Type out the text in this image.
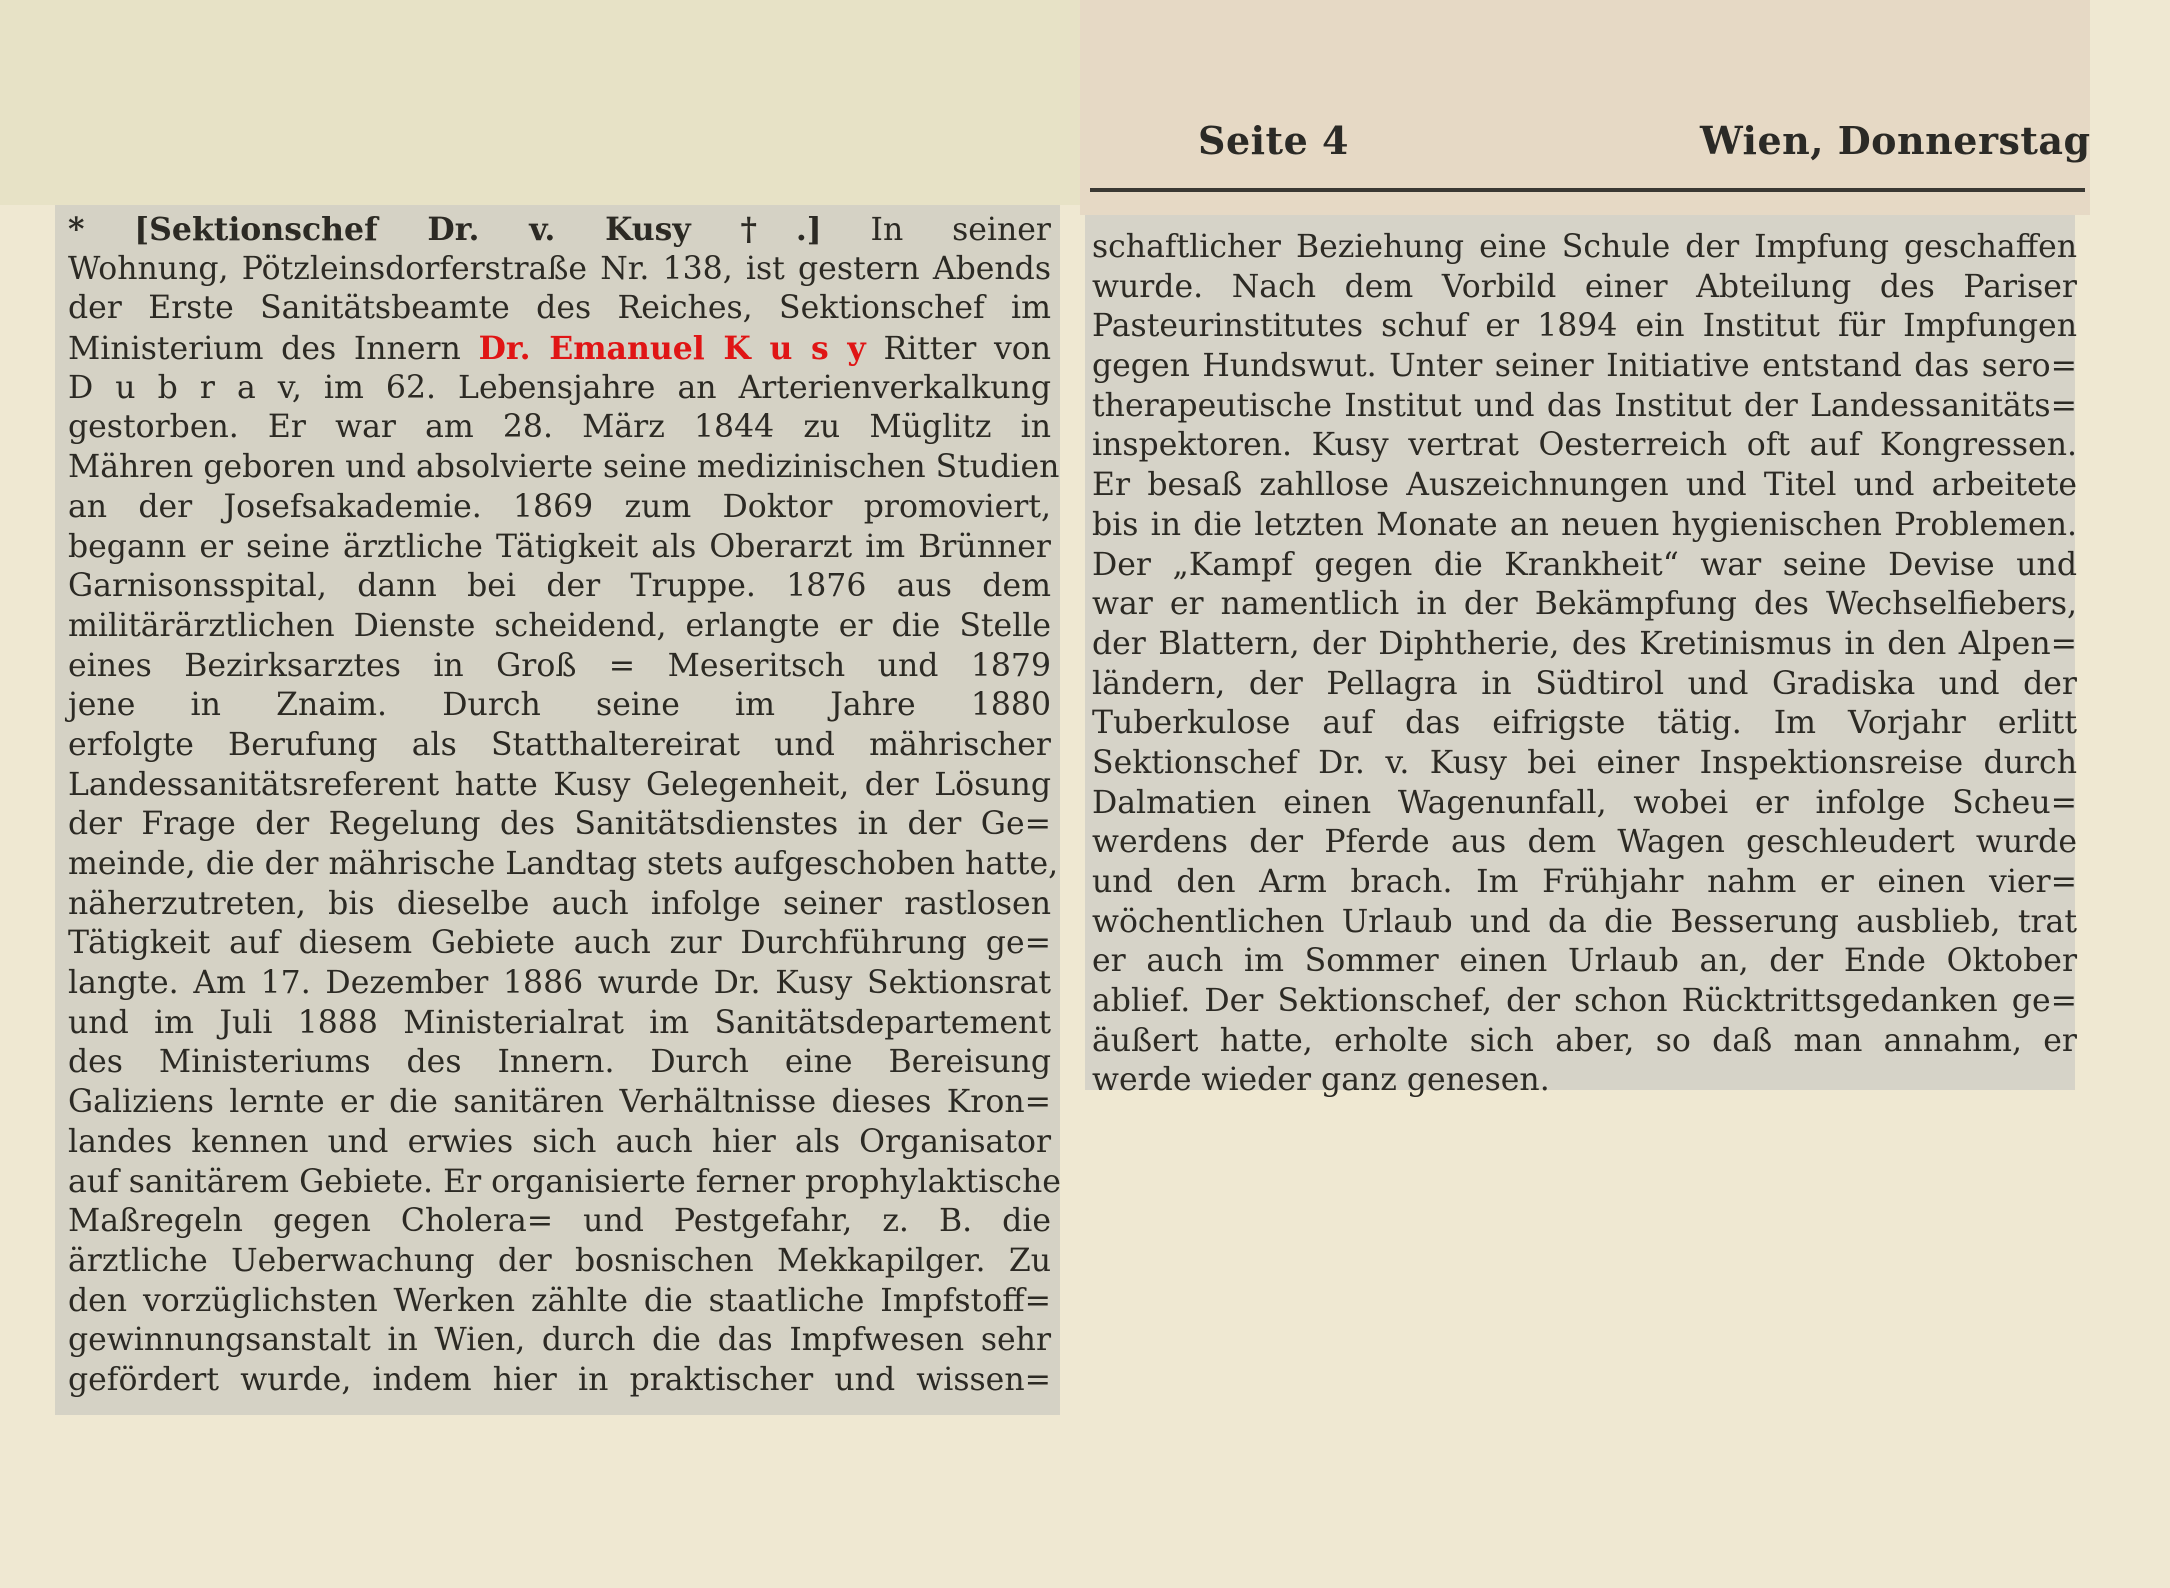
Seite 4	Wien, Donnerstag
* [Sektionschef Dr. v. Kusy †.] In seiner
Wohnung, Pötzleinsdorferstraße Nr. 138, ist gestern Abends
der Erste Sanitätsbeamte des Reiches, Sektionschef im
Ministerium des Innern Dr. Emanuel K u s y Ritter von
D u b r a v, im 62. Lebensjahre an Arterienverkalkung
gestorben. Er war am 28. März 1844 zu Müglitz in
Mähren geboren und absolvierte seine medizinischen Studien
an der Josefsakademie. 1869 zum Doktor promoviert,
begann er seine ärztliche Tätigkeit als Oberarzt im Brünner
Garnisonsspital, dann bei der Truppe. 1876 aus dem
militärärztlichen Dienste scheidend, erlangte er die Stelle
eines Bezirksarztes in Groß = Meseritsch und 1879
jene in Znaim. Durch seine im Jahre 1880
erfolgte Berufung als Statthaltereirat und mährischer
Landessanitätsreferent hatte Kusy Gelegenheit, der Lösung
der Frage der Regelung des Sanitätsdienstes in der Ge=
meinde, die der mährische Landtag stets aufgeschoben hatte,
näherzutreten, bis dieselbe auch infolge seiner rastlosen
Tätigkeit auf diesem Gebiete auch zur Durchführung ge=
langte. Am 17. Dezember 1886 wurde Dr. Kusy Sektionsrat
und im Juli 1888 Ministerialrat im Sanitätsdepartement
des Ministeriums des Innern. Durch eine Bereisung
Galiziens lernte er die sanitären Verhältnisse dieses Kron=
landes kennen und erwies sich auch hier als Organisator
auf sanitärem Gebiete. Er organisierte ferner prophylaktische
Maßregeln gegen Cholera= und Pestgefahr, z. B. die
ärztliche Ueberwachung der bosnischen Mekkapilger. Zu
den vorzüglichsten Werken zählte die staatliche Impfstoff=
gewinnungsanstalt in Wien, durch die das Impfwesen sehr
gefördert wurde, indem hier in praktischer und wissen=
schaftlicher Beziehung eine Schule der Impfung geschaffen
wurde. Nach dem Vorbild einer Abteilung des Pariser
Pasteurinstitutes schuf er 1894 ein Institut für Impfungen
gegen Hundswut. Unter seiner Initiative entstand das sero=
therapeutische Institut und das Institut der Landessanitäts=
inspektoren. Kusy vertrat Oesterreich oft auf Kongressen.
Er besaß zahllose Auszeichnungen und Titel und arbeitete
bis in die letzten Monate an neuen hygienischen Problemen.
Der „Kampf gegen die Krankheit“ war seine Devise und
war er namentlich in der Bekämpfung des Wechselfiebers,
der Blattern, der Diphtherie, des Kretinismus in den Alpen=
ländern, der Pellagra in Südtirol und Gradiska und der
Tuberkulose auf das eifrigste tätig. Im Vorjahr erlitt
Sektionschef Dr. v. Kusy bei einer Inspektionsreise durch
Dalmatien einen Wagenunfall, wobei er infolge Scheu=
werdens der Pferde aus dem Wagen geschleudert wurde
und den Arm brach. Im Frühjahr nahm er einen vier=
wöchentlichen Urlaub und da die Besserung ausblieb, trat
er auch im Sommer einen Urlaub an, der Ende Oktober
ablief. Der Sektionschef, der schon Rücktrittsgedanken ge=
äußert hatte, erholte sich aber, so daß man annahm, er
werde wieder ganz genesen.
